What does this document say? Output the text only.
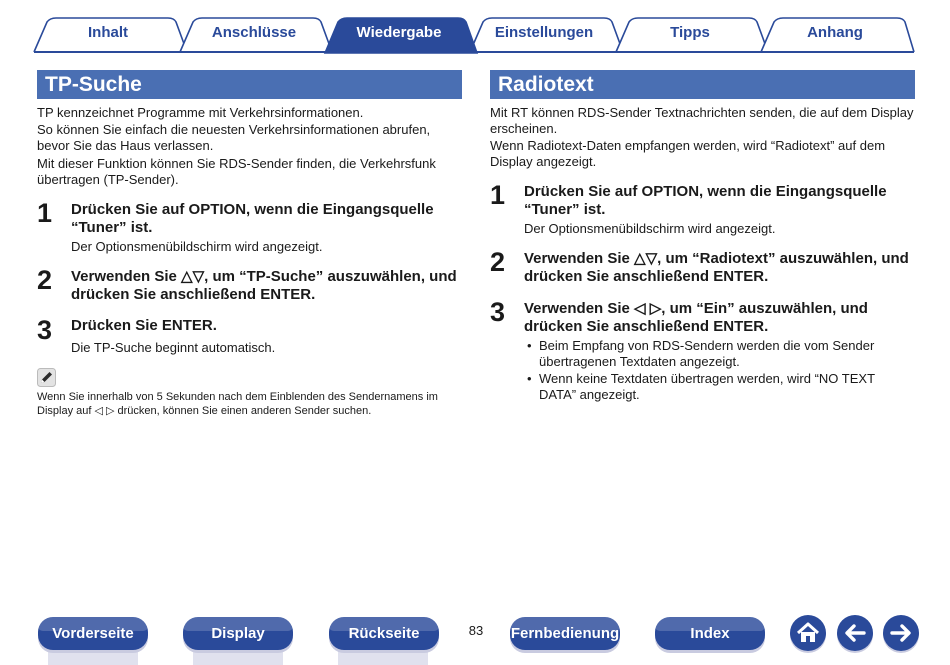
Inhalt	Anschlüsse	Wiedergabe	Einstellungen	Tipps	Anhang
TP-Suche
TP kennzeichnet Programme mit Verkehrsinformationen.
So können Sie einfach die neuesten Verkehrsinformationen abrufen,
bevor Sie das Haus verlassen.
Mit dieser Funktion können Sie RDS-Sender finden, die Verkehrsfunk
übertragen (TP-Sender).
1 Drücken Sie auf OPTION, wenn die Eingangsquelle
“Tuner” ist.
Der Optionsmenübildschirm wird angezeigt.
2 Verwenden Sie △▽, um “TP-Suche” auszuwählen, und
drücken Sie anschließend ENTER.
3 Drücken Sie ENTER.
Die TP-Suche beginnt automatisch.
Wenn Sie innerhalb von 5 Sekunden nach dem Einblenden des Sendernamens im
Display auf ◁ ▷ drücken, können Sie einen anderen Sender suchen.
Radiotext
Mit RT können RDS-Sender Textnachrichten senden, die auf dem Display
erscheinen.
Wenn Radiotext-Daten empfangen werden, wird “Radiotext” auf dem
Display angezeigt.
1 Drücken Sie auf OPTION, wenn die Eingangsquelle
“Tuner” ist.
Der Optionsmenübildschirm wird angezeigt.
2 Verwenden Sie △▽, um “Radiotext” auszuwählen, und
drücken Sie anschließend ENTER.
3 Verwenden Sie ◁ ▷, um “Ein” auszuwählen, und
drücken Sie anschließend ENTER.
• Beim Empfang von RDS-Sendern werden die vom Sender
übertragenen Textdaten angezeigt.
• Wenn keine Textdaten übertragen werden, wird “NO TEXT
DATA” angezeigt.
Vorderseite	Display	Rückseite	83	Fernbedienung	Index
